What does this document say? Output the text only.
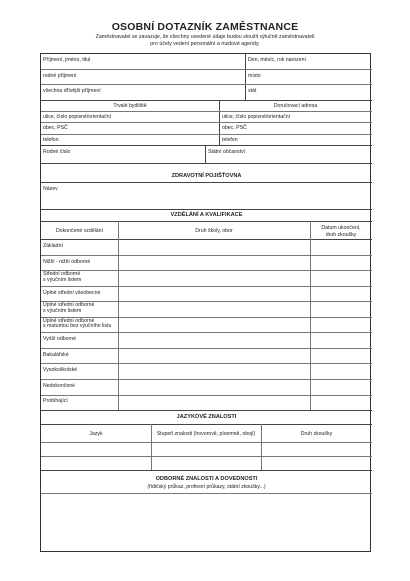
OSOBNÍ DOTAZNÍK ZAMĚSTNANCE
Zaměstnavatel se zavazuje, že všechny uvedené údaje budou sloužit výlučně zaměstnavateli
pro účely vedení personální a mzdové agendy.
Příjmení, jméno, titul	Den, měsíc, rok narození
rodné příjmení	místo
všechna dřívější příjmení	stát
Trvalé bydliště	Doručovací adresa
ulice, číslo popisné/orientační	ulice, číslo popisné/orientační
obec, PSČ	obec, PSČ
telefon	telefon
Rodné číslo	Státní občanství
ZDRAVOTNÍ POJIŠŤOVNA
Název
VZDĚLÁNÍ A KVALIFIKACE
Dokončené vzdělání	Druh školy, obor	Datum ukončení,
druh zkoušky
Základní
Nižší - nižší odborné
Střední odborné
s výučním listem
Úplné střední všeobecné
Úplné střední odborné
s výučním listem
Úplné střední odborné
s maturitou bez výučního listu
Vyšší odborné
Bakalářské
Vysokoškolské
Nedokončené
Probíhající
JAZYKOVÉ ZNALOSTI
Jazyk	Stupeň znalosti (hovorově, písemně, obojí)	Druh zkoušky
ODBORNÉ ZNALOSTI A DOVEDNOSTI
(řidičský průkaz, profesní průkazy, státní zkoušky...)
